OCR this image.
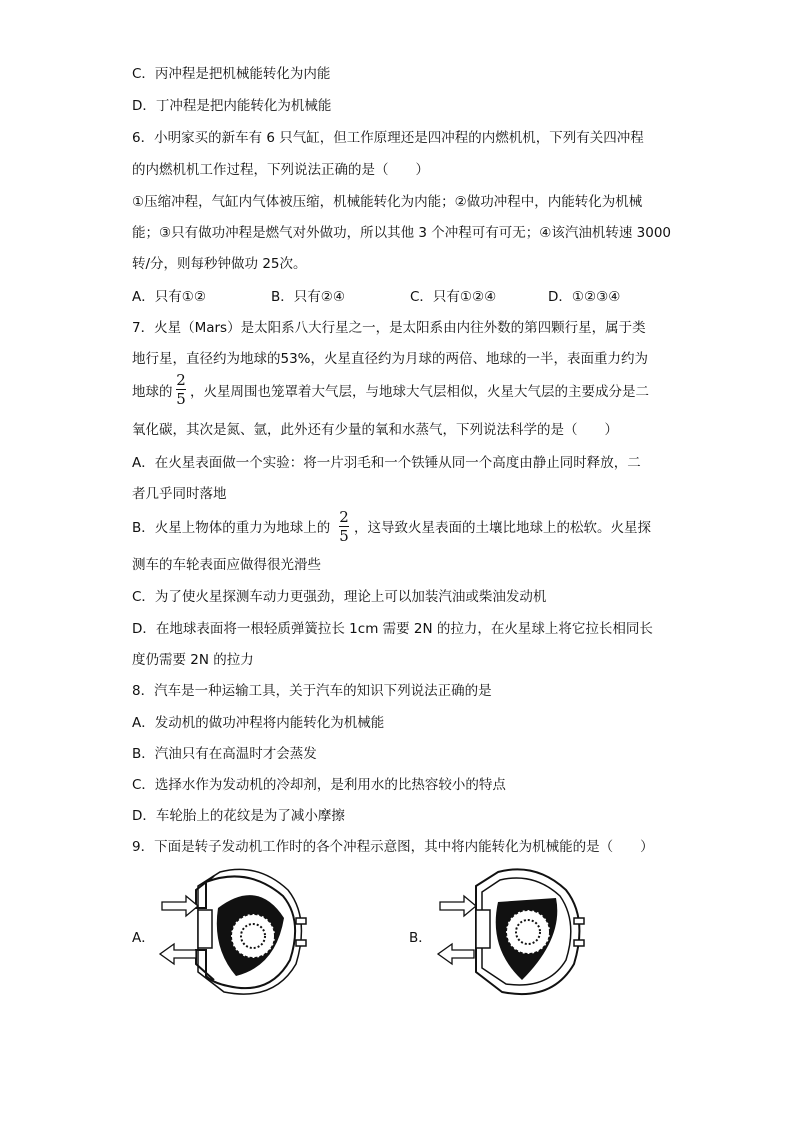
C．丙冲程是把机械能转化为内能
D．丁冲程是把内能转化为机械能
6．小明家买的新车有 6 只气缸，但工作原理还是四冲程的内燃机机，下列有关四冲程
的内燃机机工作过程，下列说法正确的是（　　）
①压缩冲程，气缸内气体被压缩，机械能转化为内能；②做功冲程中，内能转化为机械
能；③只有做功冲程是燃气对外做功，所以其他 3 个冲程可有可无；④该汽油机转速 3000
转/分，则每秒钟做功 25次。
A．只有①②	B．只有②④	C．只有①②④	D．①②③④
7．火星（Mars）是太阳系八大行星之一，是太阳系由内往外数的第四颗行星，属于类
地行星，直径约为地球的53%，火星直径约为月球的两倍、地球的一半，表面重力约为
地球的
2
5 ，火星周围也笼罩着大气层，与地球大气层相似，火星大气层的主要成分是二
氧化碳，其次是氮、氩，此外还有少量的氧和水蒸气，下列说法科学的是（　　）
A．在火星表面做一个实验：将一片羽毛和一个铁锤从同一个高度由静止同时释放，二
者几乎同时落地
B．火星上物体的重力为地球上的
2
5 ，这导致火星表面的土壤比地球上的松软。火星探
测车的车轮表面应做得很光滑些
C．为了使火星探测车动力更强劲，理论上可以加装汽油或柴油发动机
D．在地球表面将一根轻质弹簧拉长 1cm 需要 2N 的拉力，在火星球上将它拉长相同长
度仍需要 2N 的拉力
8．汽车是一种运输工具，关于汽车的知识下列说法正确的是
A．发动机的做功冲程将内能转化为机械能
B．汽油只有在高温时才会蒸发
C．选择水作为发动机的冷却剂，是利用水的比热容较小的特点
D．车轮胎上的花纹是为了减小摩擦
9．下面是转子发动机工作时的各个冲程示意图，其中将内能转化为机械能的是（　　）
A．	B．
